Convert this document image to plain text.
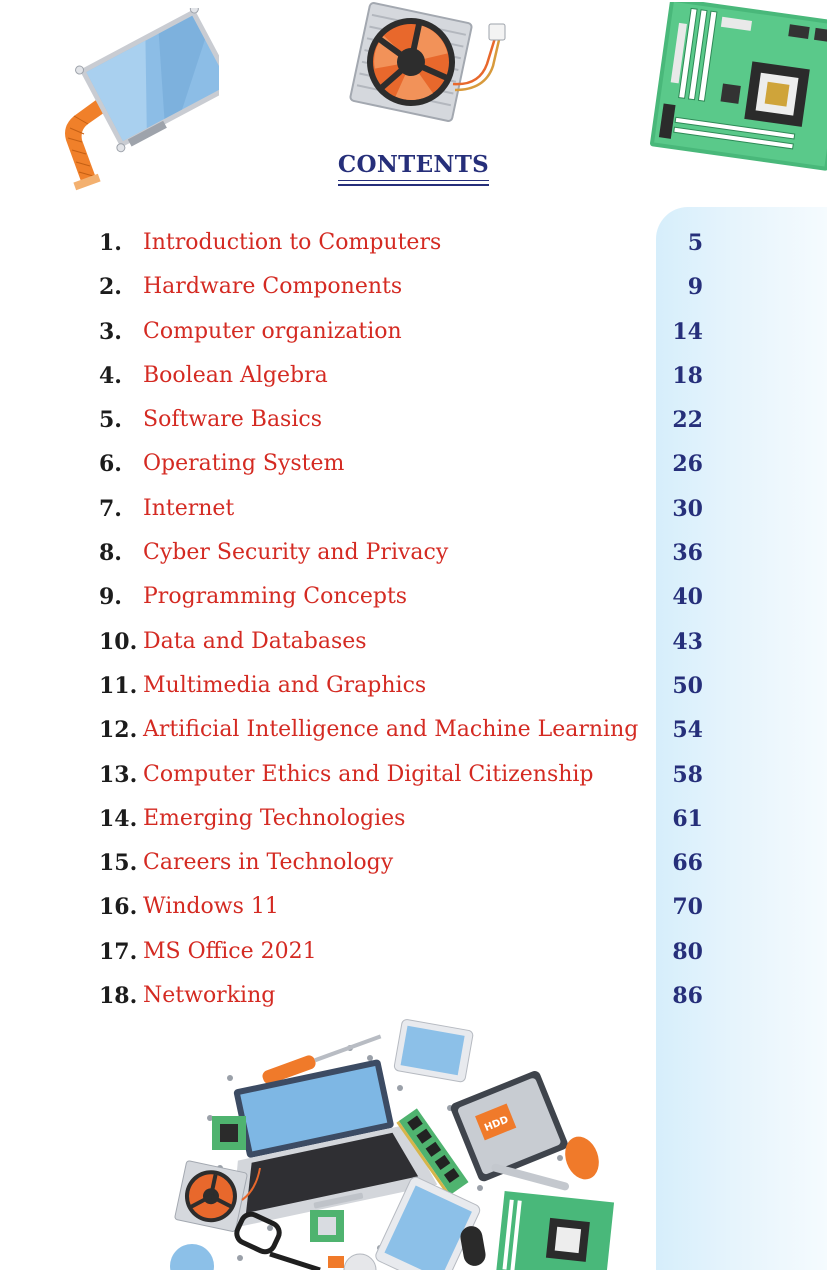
CONTENTS
1. Introduction to Computers	5
2. Hardware Components	9
3. Computer organization	14
4. Boolean Algebra	18
5. Software Basics	22
6. Operating System	26
7. Internet	30
8. Cyber Security and Privacy	36
9. Programming Concepts	40
10. Data and Databases	43
11. Multimedia and Graphics	50
12. Artificial Intelligence and Machine Learning 54
13. Computer Ethics and Digital Citizenship	58
14. Emerging Technologies	61
15. Careers in Technology	66
16. Windows 11	70
17. MS Office 2021	80
18. Networking	86
HDD
